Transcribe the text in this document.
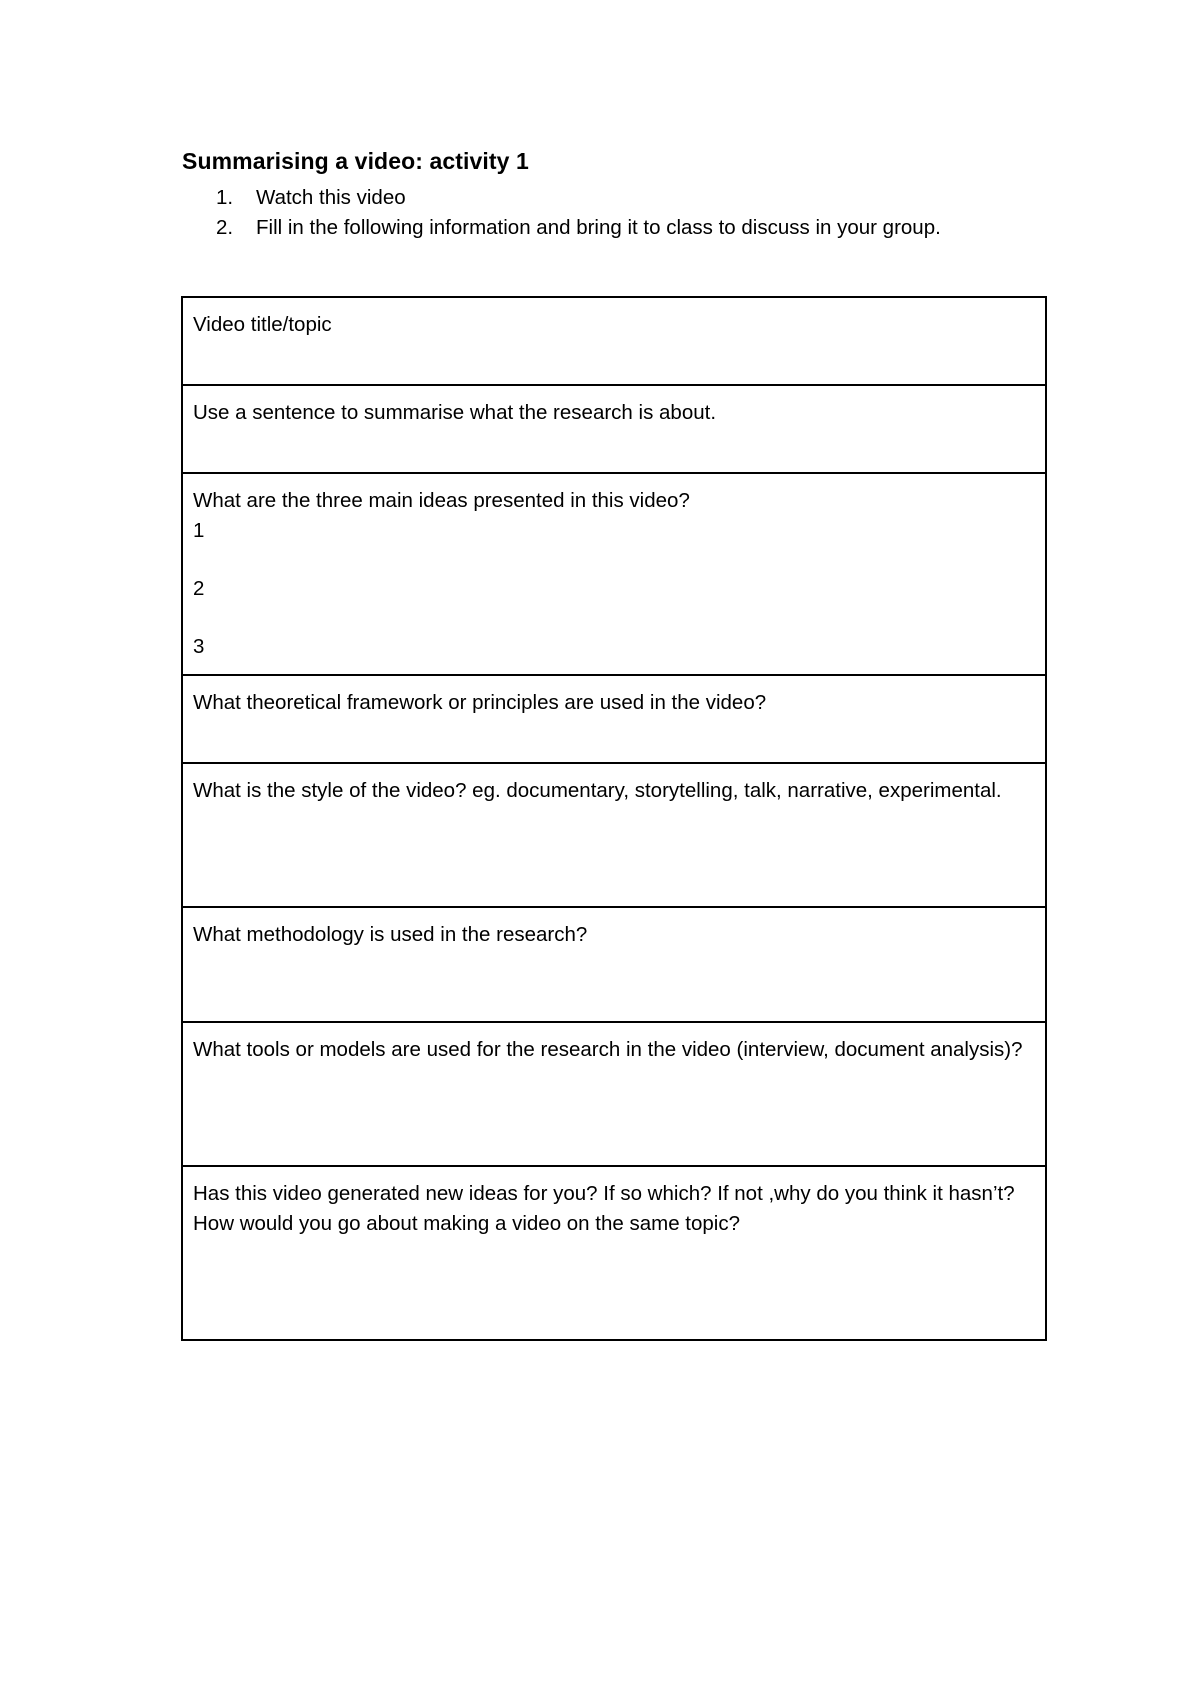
Summarising a video: activity 1
1. Watch this video
2. Fill in the following information and bring it to class to discuss in your group.
Video title/topic

Use a sentence to summarise what the research is about.

What are the three main ideas presented in this video?
1
2
3

What theoretical framework or principles are used in the video?

What is the style of the video? eg. documentary, storytelling, talk, narrative, experimental.

What methodology is used in the research?

What tools or models are used for the research in the video (interview, document analysis)?

Has this video generated new ideas for you? If so which? If not ,why do you think it hasn’t? How would you go about making a video on the same topic?
